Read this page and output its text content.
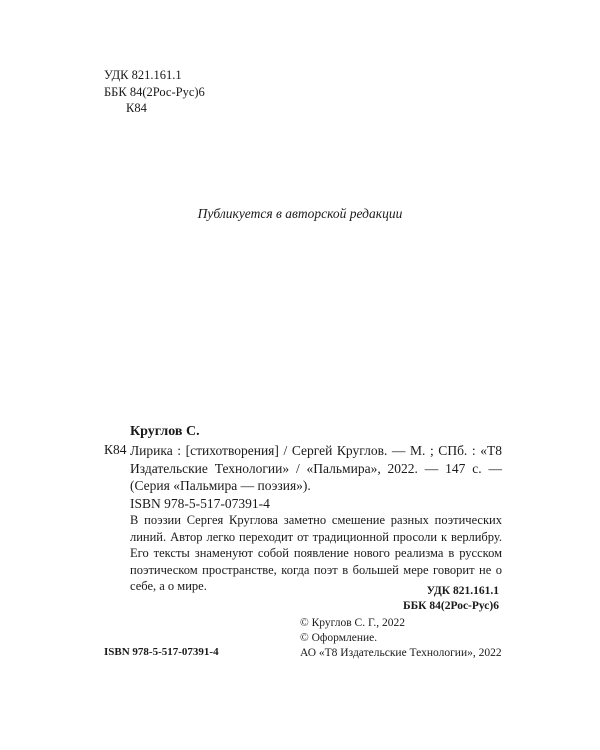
УДК 821.161.1
ББК 84(2Рос-Рус)6
К84
Публикуется в авторской редакции
Круглов С.
К84 Лирика : [стихотворения] / Сергей Круглов. — М. ; СПб. : «Т8 Издательские Технологии» / «Пальмира», 2022. — 147 с. — (Серия «Пальмира — поэзия»).
ISBN 978-5-517-07391-4
В поэзии Сергея Круглова заметно смешение разных поэтических линий. Автор легко переходит от традиционной просоли к верлибру. Его тексты знаменуют собой появление нового реализма в русском поэтическом пространстве, когда поэт в большей мере говорит не о себе, а о мире.	УДК 821.161.1
ББК 84(2Рос-Рус)6
© Круглов С. Г., 2022
© Оформление.
АО «Т8 Издательские Технологии», 2022
ISBN 978-5-517-07391-4
